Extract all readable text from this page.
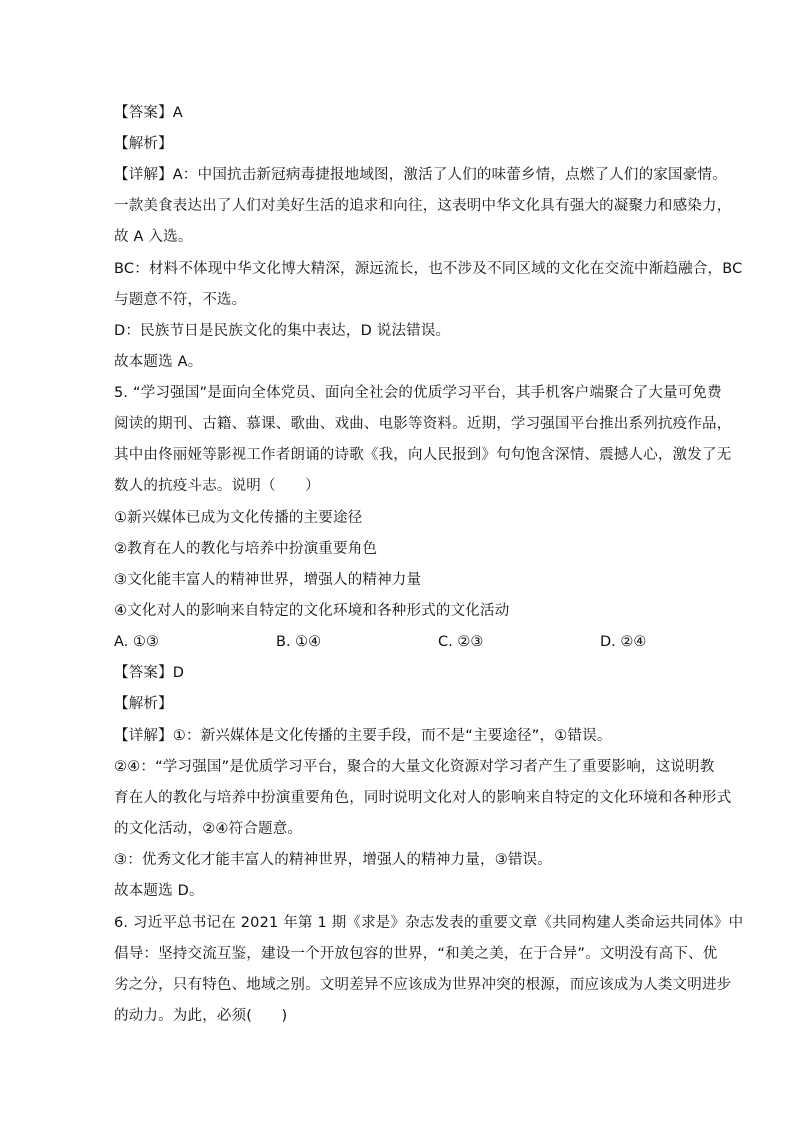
【答案】A
【解析】
【详解】A：中国抗击新冠病毒捷报地域图，激活了人们的味蕾乡情，点燃了人们的家国豪情。
一款美食表达出了人们对美好生活的追求和向往，这表明中华文化具有强大的凝聚力和感染力，
故 A 入选。
BC：材料不体现中华文化博大精深，源远流长，也不涉及不同区域的文化在交流中渐趋融合，BC
与题意不符，不选。
D：民族节日是民族文化的集中表达，D 说法错误。
故本题选 A。
5. “学习强国”是面向全体党员、面向全社会的优质学习平台，其手机客户端聚合了大量可免费
阅读的期刊、古籍、慕课、歌曲、戏曲、电影等资料。近期，学习强国平台推出系列抗疫作品，
其中由佟丽娅等影视工作者朗诵的诗歌《我，向人民报到》句句饱含深情、震撼人心，激发了无
数人的抗疫斗志。说明（　　）
①新兴媒体已成为文化传播的主要途径
②教育在人的教化与培养中扮演重要角色
③文化能丰富人的精神世界，增强人的精神力量
④文化对人的影响来自特定的文化环境和各种形式的文化活动
A. ①③	B. ①④	C. ②③	D. ②④
【答案】D
【解析】
【详解】①：新兴媒体是文化传播的主要手段，而不是“主要途径”，①错误。
②④：“学习强国”是优质学习平台，聚合的大量文化资源对学习者产生了重要影响，这说明教
育在人的教化与培养中扮演重要角色，同时说明文化对人的影响来自特定的文化环境和各种形式
的文化活动，②④符合题意。
③：优秀文化才能丰富人的精神世界，增强人的精神力量，③错误。
故本题选 D。
6. 习近平总书记在 2021 年第 1 期《求是》杂志发表的重要文章《共同构建人类命运共同体》中
倡导：坚持交流互鉴，建设一个开放包容的世界，“和美之美，在于合异”。文明没有高下、优
劣之分，只有特色、地域之别。文明差异不应该成为世界冲突的根源，而应该成为人类文明进步
的动力。为此，必须(　　)
